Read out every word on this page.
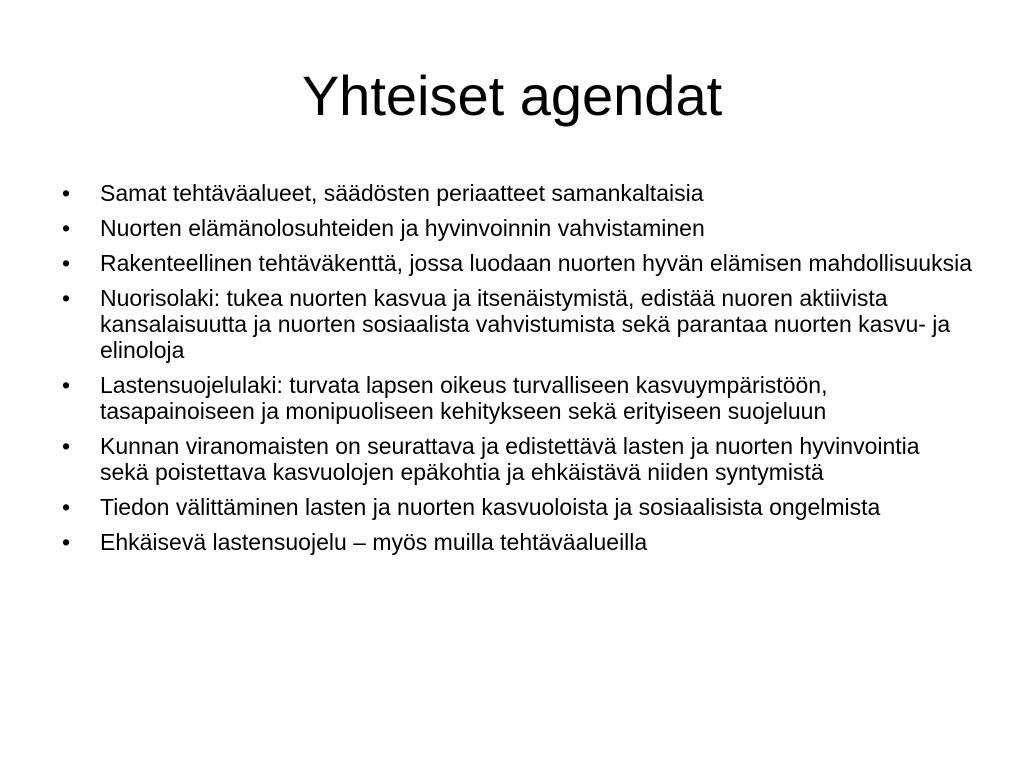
Yhteiset agendat
•	Samat tehtäväalueet, säädösten periaatteet samankaltaisia
•	Nuorten elämänolosuhteiden ja hyvinvoinnin vahvistaminen
•	Rakenteellinen tehtäväkenttä, jossa luodaan nuorten hyvän elämisen mahdollisuuksia
•	Nuorisolaki: tukea nuorten kasvua ja itsenäistymistä, edistää nuoren aktiivista kansalaisuutta ja nuorten sosiaalista vahvistumista sekä parantaa nuorten kasvu- ja elinoloja
•	Lastensuojelulaki: turvata lapsen oikeus turvalliseen kasvuympäristöön, tasapainoiseen ja monipuoliseen kehitykseen sekä erityiseen suojeluun
•	Kunnan viranomaisten on seurattava ja edistettävä lasten ja nuorten hyvinvointia sekä poistettava kasvuolojen epäkohtia ja ehkäistävä niiden syntymistä
•	Tiedon välittäminen lasten ja nuorten kasvuoloista ja sosiaalisista ongelmista
•	Ehkäisevä lastensuojelu – myös muilla tehtäväalueilla
